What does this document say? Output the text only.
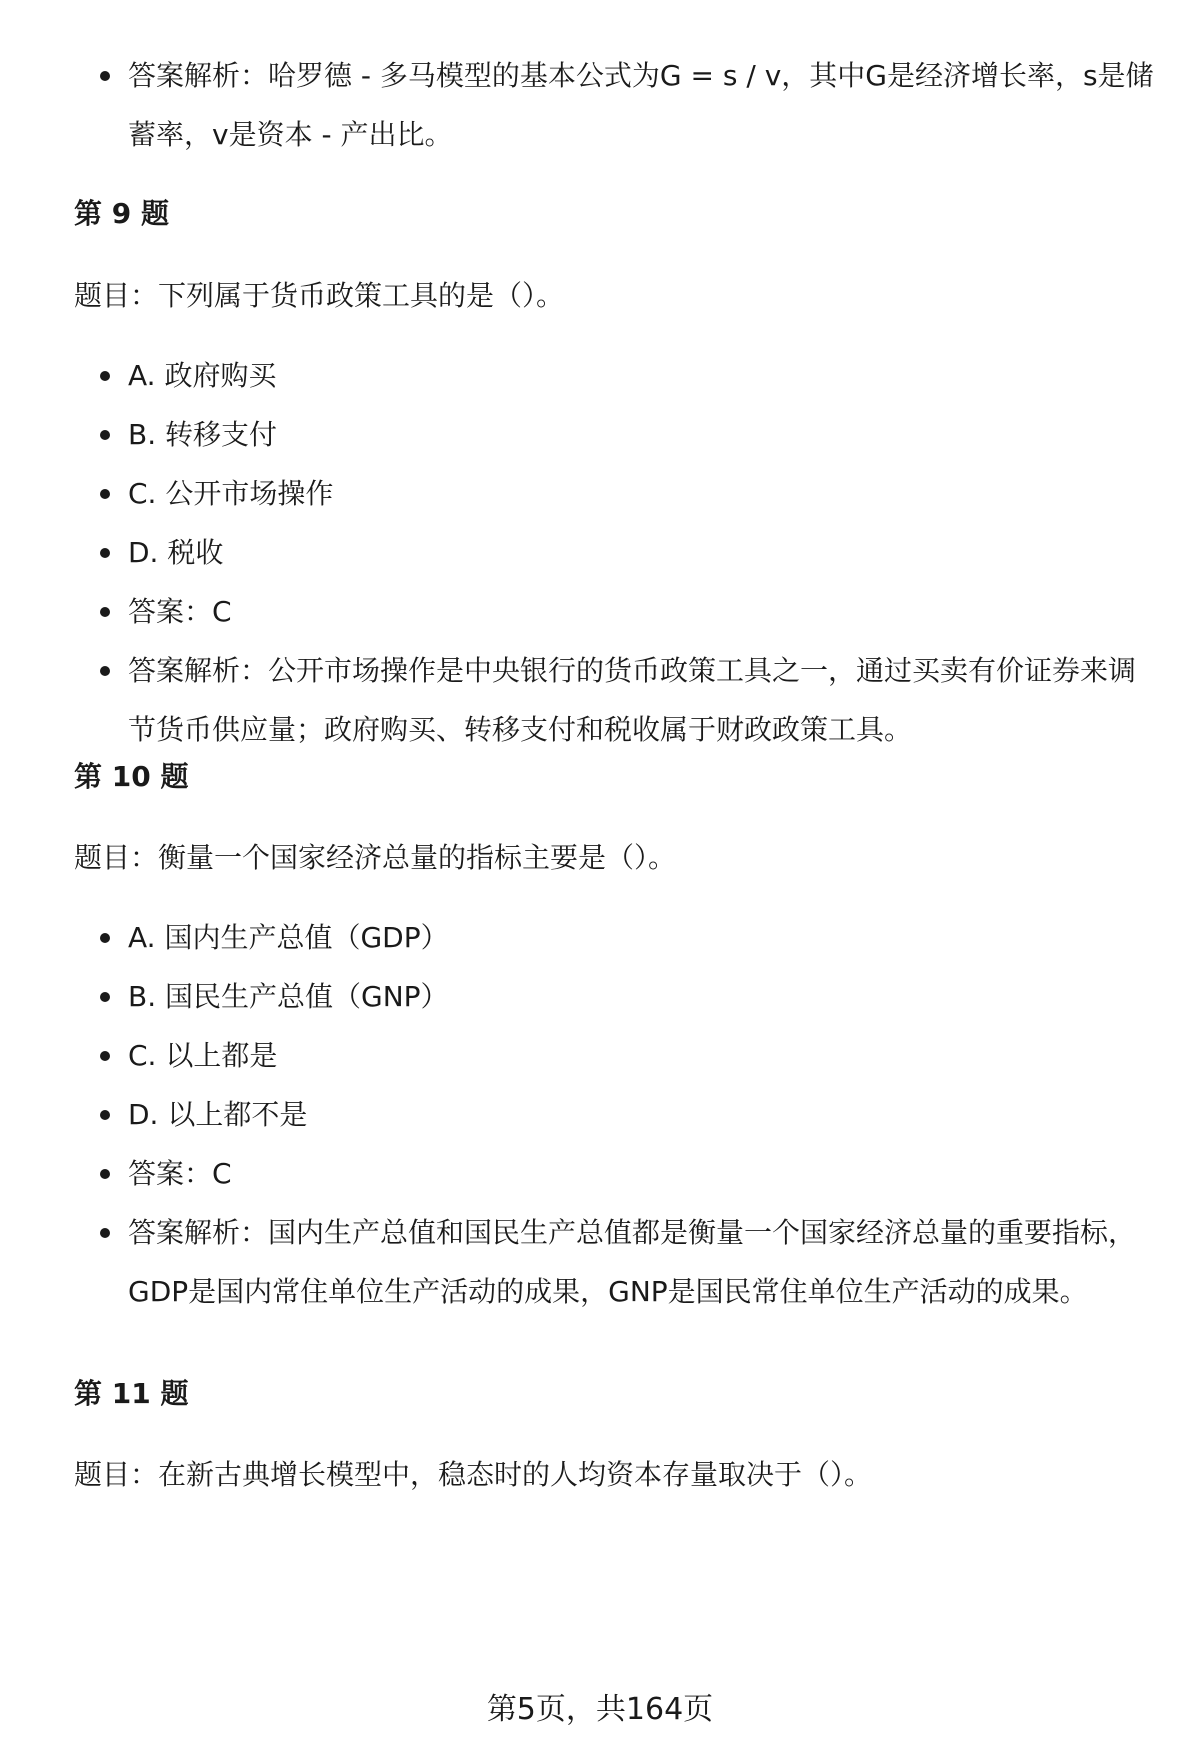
答案解析：哈罗德 - 多马模型的基本公式为G = s / v，其中G是经济增长率，s是储蓄率，v是资本 - 产出比。
第 9 题

题目：下列属于货币政策工具的是（）。

A. 政府购买
B. 转移支付
C. 公开市场操作
D. 税收
答案：C
答案解析：公开市场操作是中央银行的货币政策工具之一，通过买卖有价证券来调节货币供应量；政府购买、转移支付和税收属于财政政策工具。
第 10 题

题目：衡量一个国家经济总量的指标主要是（）。

A. 国内生产总值（GDP）
B. 国民生产总值（GNP）
C. 以上都是
D. 以上都不是
答案：C
答案解析：国内生产总值和国民生产总值都是衡量一个国家经济总量的重要指标，GDP是国内常住单位生产活动的成果，GNP是国民常住单位生产活动的成果。
第 11 题

题目：在新古典增长模型中，稳态时的人均资本存量取决于（）。

第5页，共164页
